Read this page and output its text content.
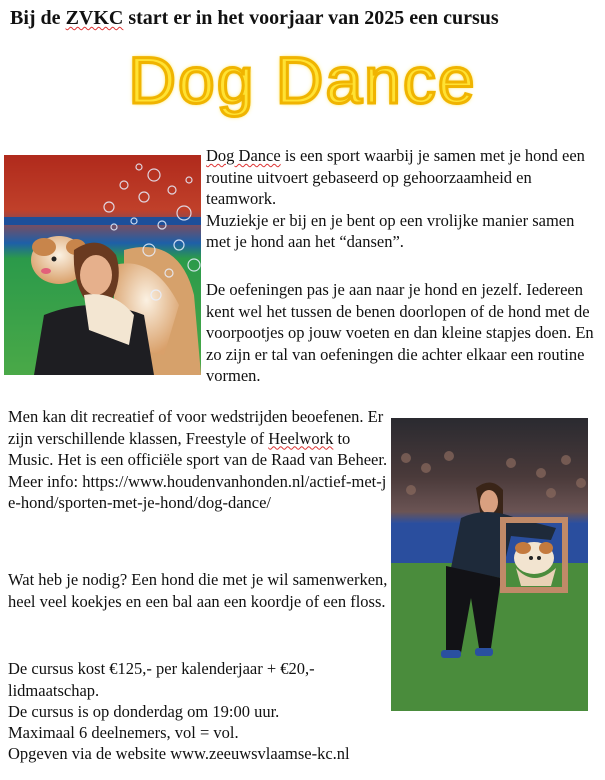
Bij de ZVKC start er in het voorjaar van 2025 een cursus
Dog Dance

Dog Dance is een sport waarbij je samen met je hond een routine uitvoert gebaseerd op gehoorzaamheid en teamwork.
Muziekje er bij en je bent op een vrolijke manier samen met je hond aan het “dansen”.

De oefeningen pas je aan naar je hond en jezelf. Iedereen kent wel het tussen de benen doorlopen of de hond met de voorpootjes op jouw voeten en dan kleine stapjes doen. En zo zijn er tal van oefeningen die achter elkaar een routine vormen.

Men kan dit recreatief of voor wedstrijden beoefenen. Er zijn verschillende klassen, Freestyle of Heelwork to Music. Het is een officiële sport van de Raad van Beheer. Meer info: https://www.houdenvanhonden.nl/actief-met-je-hond/sporten-met-je-hond/dog-dance/

Wat heb je nodig? Een hond die met je wil samenwerken, heel veel koekjes en een bal aan een koordje of een floss.

De cursus kost €125,- per kalenderjaar + €20,- lidmaatschap.

De cursus is op donderdag om 19:00 uur.

Maximaal 6 deelnemers, vol = vol.

Opgeven via de website www.zeeuwsvlaamse-kc.nl
